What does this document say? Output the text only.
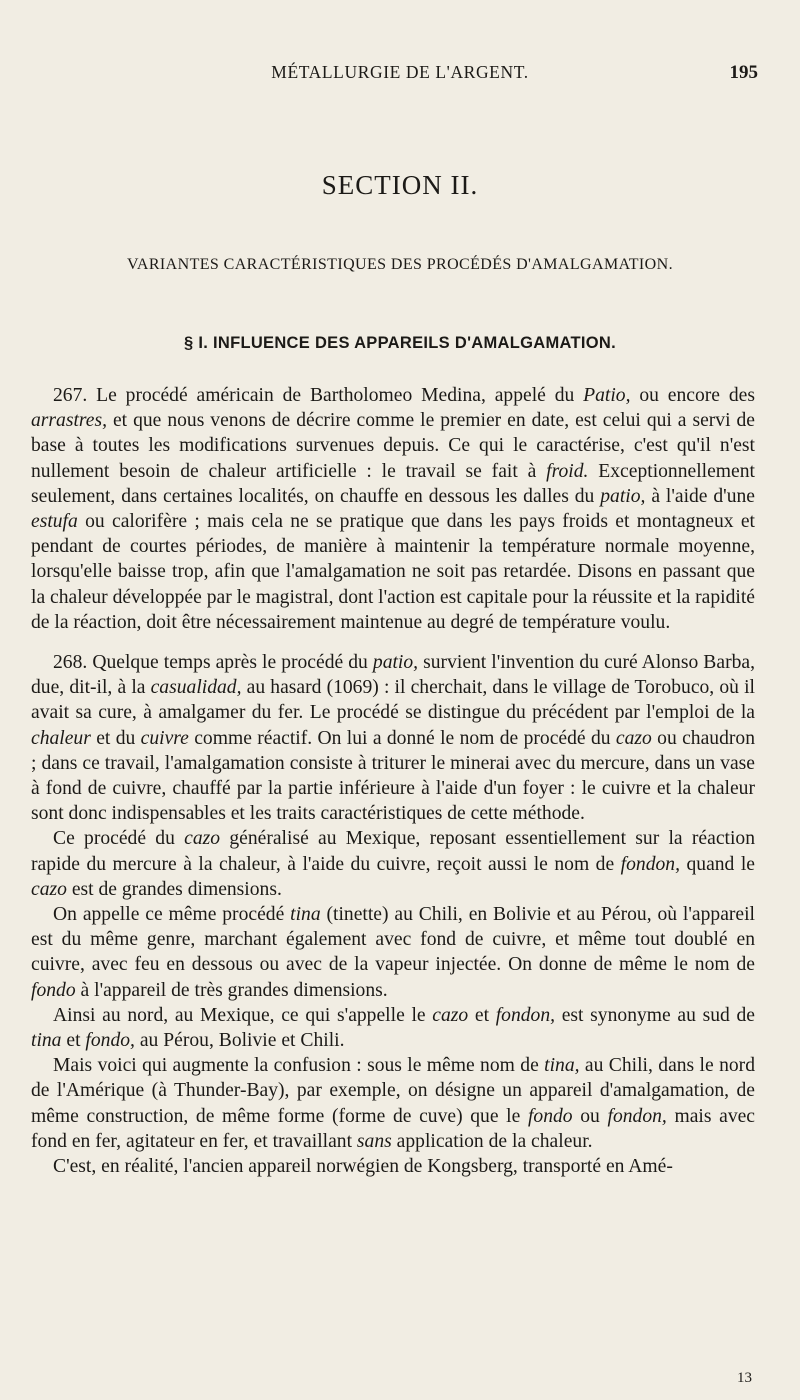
MÉTALLURGIE DE L'ARGENT.	195
SECTION II.
VARIANTES CARACTÉRISTIQUES DES PROCÉDÉS D'AMALGAMATION.
§ I. INFLUENCE DES APPAREILS D'AMALGAMATION.

267. Le procédé américain de Bartholomeo Medina, appelé du Patio, ou encore des arrastres, et que nous venons de décrire comme le premier en date, est celui qui a servi de base à toutes les modifications survenues depuis. Ce qui le caractérise, c'est qu'il n'est nullement besoin de chaleur artificielle : le travail se fait à froid. Exceptionnellement seulement, dans certaines localités, on chauffe en dessous les dalles du patio, à l'aide d'une estufa ou calorifère ; mais cela ne se pratique que dans les pays froids et montagneux et pendant de courtes périodes, de manière à maintenir la température normale moyenne, lorsqu'elle baisse trop, afin que l'amalgamation ne soit pas retardée. Disons en passant que la chaleur développée par le magistral, dont l'action est capitale pour la réussite et la rapidité de la réaction, doit être nécessairement maintenue au degré de température voulu.

268. Quelque temps après le procédé du patio, survient l'invention du curé Alonso Barba, due, dit-il, à la casualidad, au hasard (1069) : il cherchait, dans le village de Torobuco, où il avait sa cure, à amalgamer du fer. Le procédé se distingue du précédent par l'emploi de la chaleur et du cuivre comme réactif. On lui a donné le nom de procédé du cazo ou chaudron ; dans ce travail, l'amalgamation consiste à triturer le minerai avec du mercure, dans un vase à fond de cuivre, chauffé par la partie inférieure à l'aide d'un foyer : le cuivre et la chaleur sont donc indispensables et les traits caractéristiques de cette méthode.

Ce procédé du cazo généralisé au Mexique, reposant essentiellement sur la réaction rapide du mercure à la chaleur, à l'aide du cuivre, reçoit aussi le nom de fondon, quand le cazo est de grandes dimensions.

On appelle ce même procédé tina (tinette) au Chili, en Bolivie et au Pérou, où l'appareil est du même genre, marchant également avec fond de cuivre, et même tout doublé en cuivre, avec feu en dessous ou avec de la vapeur injectée. On donne de même le nom de fondo à l'appareil de très grandes dimensions.

Ainsi au nord, au Mexique, ce qui s'appelle le cazo et fondon, est synonyme au sud de tina et fondo, au Pérou, Bolivie et Chili.

Mais voici qui augmente la confusion : sous le même nom de tina, au Chili, dans le nord de l'Amérique (à Thunder-Bay), par exemple, on désigne un appareil d'amalgamation, de même construction, de même forme (forme de cuve) que le fondo ou fondon, mais avec fond en fer, agitateur en fer, et travaillant sans application de la chaleur.

C'est, en réalité, l'ancien appareil norwégien de Kongsberg, transporté en Amé-

13
